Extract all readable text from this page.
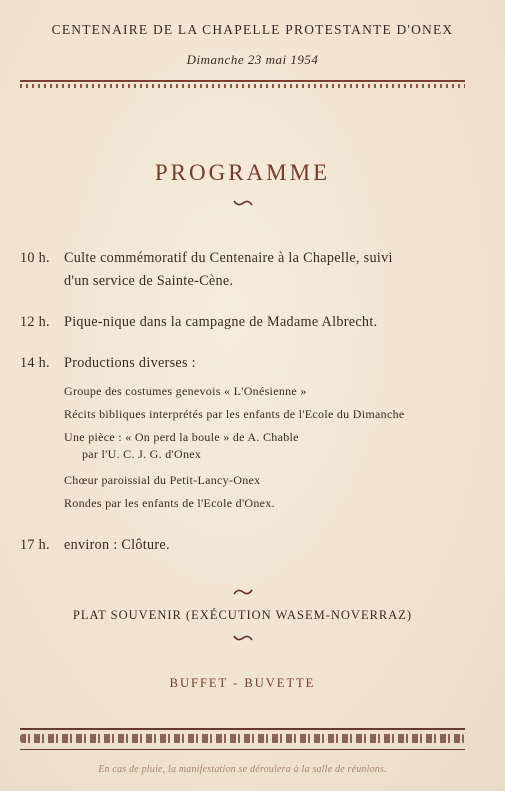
CENTENAIRE DE LA CHAPELLE PROTESTANTE D'ONEX
Dimanche 23 mai 1954
PROGRAMME
10 h. Culte commémoratif du Centenaire à la Chapelle, suivi
d'un service de Sainte-Cène.
12 h. Pique-nique dans la campagne de Madame Albrecht.
14 h. Productions diverses :
Groupe des costumes genevois « L'Onésienne »
Récits bibliques interprétés par les enfants de l'Ecole du Dimanche
Une pièce : « On perd la boule » de A. Chable
par l'U. C. J. G. d'Onex
Chœur paroissial du Petit-Lancy-Onex
Rondes par les enfants de l'Ecole d'Onex.
17 h. environ : Clôture.
PLAT SOUVENIR (EXÉCUTION WASEM-NOVERRAZ)
BUFFET - BUVETTE
En cas de pluie, la manifestation se déroulera à la salle de réunions.
